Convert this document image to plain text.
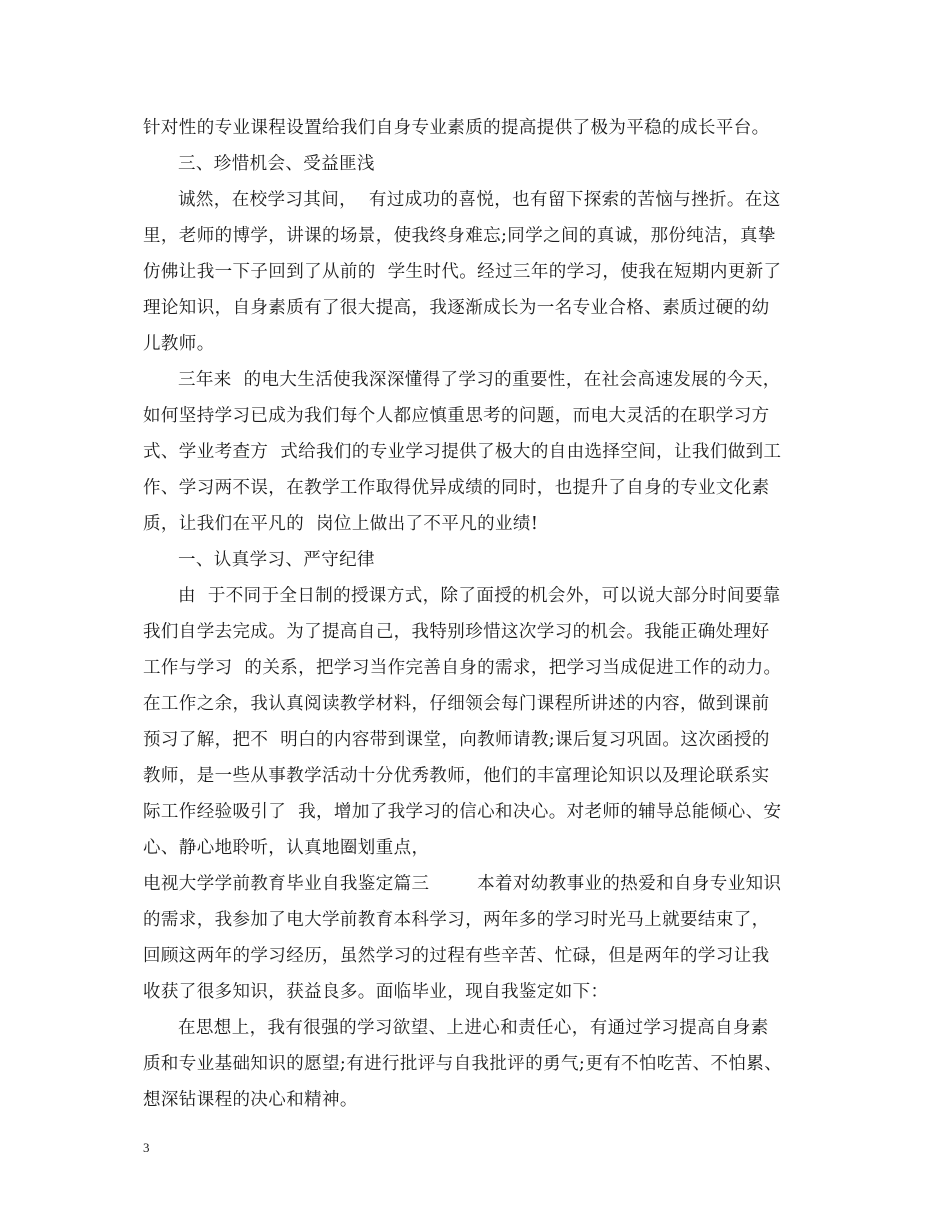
针对性的专业课程设置给我们自身专业素质的提高提供了极为平稳的成长平台。
三、珍惜机会、受益匪浅
诚然，在校学习其间，  有过成功的喜悦，也有留下探索的苦恼与挫折。在这
里，老师的博学，讲课的场景，使我终身难忘;同学之间的真诚，那份纯洁，真挚
仿佛让我一下子回到了从前的  学生时代。经过三年的学习，使我在短期内更新了
理论知识，自身素质有了很大提高，我逐渐成长为一名专业合格、素质过硬的幼
儿教师。
三年来  的电大生活使我深深懂得了学习的重要性，在社会高速发展的今天，
如何坚持学习已成为我们每个人都应慎重思考的问题，而电大灵活的在职学习方
式、学业考查方  式给我们的专业学习提供了极大的自由选择空间，让我们做到工
作、学习两不误，在教学工作取得优异成绩的同时，也提升了自身的专业文化素
质，让我们在平凡的  岗位上做出了不平凡的业绩!
一、认真学习、严守纪律
由  于不同于全日制的授课方式，除了面授的机会外，可以说大部分时间要靠
我们自学去完成。为了提高自己，我特别珍惜这次学习的机会。我能正确处理好
工作与学习  的关系，把学习当作完善自身的需求，把学习当成促进工作的动力。
在工作之余，我认真阅读教学材料，仔细领会每门课程所讲述的内容，做到课前
预习了解，把不  明白的内容带到课堂，向教师请教;课后复习巩固。这次函授的
教师，是一些从事教学活动十分优秀教师，他们的丰富理论知识以及理论联系实
际工作经验吸引了  我，增加了我学习的信心和决心。对老师的辅导总能倾心、安
心、静心地聆听，认真地圈划重点，
电视大学学前教育毕业自我鉴定篇三        本着对幼教事业的热爱和自身专业知识
的需求，我参加了电大学前教育本科学习，两年多的学习时光马上就要结束了，
回顾这两年的学习经历，虽然学习的过程有些辛苦、忙碌，但是两年的学习让我
收获了很多知识，获益良多。面临毕业，现自我鉴定如下：
在思想上，我有很强的学习欲望、上进心和责任心，有通过学习提高自身素
质和专业基础知识的愿望;有进行批评与自我批评的勇气;更有不怕吃苦、不怕累、
想深钻课程的决心和精神。
3
